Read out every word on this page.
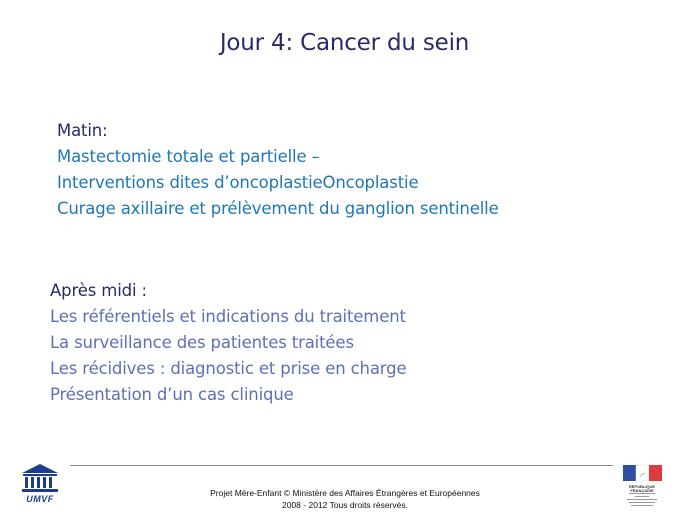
Jour 4: Cancer du sein
Matin:
Mastectomie totale et partielle –
Interventions dites d’oncoplastieOncoplastie
Curage axillaire et prélèvement du ganglion sentinelle
Après midi :
Les référentiels et indications du traitement
La surveillance des patientes traitées
Les récidives : diagnostic et prise en charge
Présentation d’un cas clinique
UMVF
Projet Mère-Enfant © Ministère des Affaires Étrangères et Européennes
2008 - 2012 Tous droits réservés.
RÉPUBLIQUE FRANÇAISE
